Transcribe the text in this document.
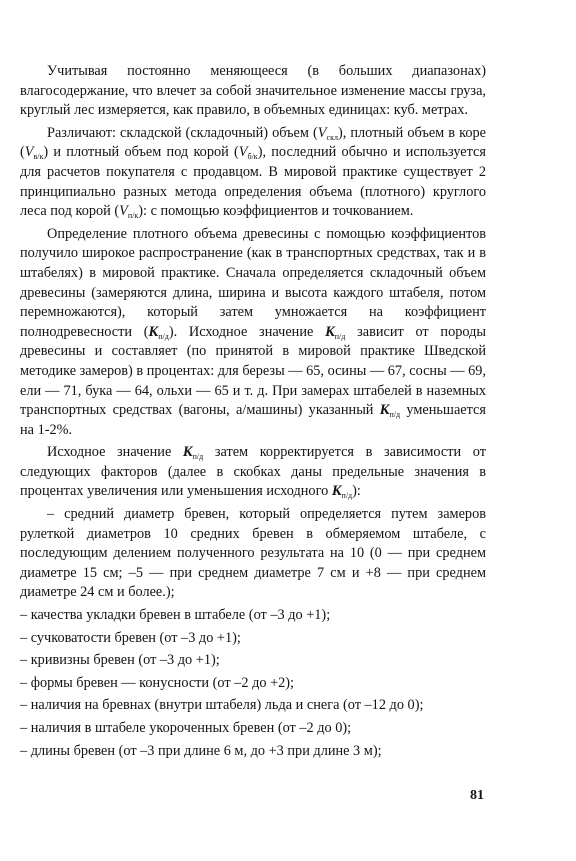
Учитывая постоянно меняющееся (в больших диапазонах) влагосодержание, что влечет за собой значительное изменение массы груза, круглый лес измеряется, как правило, в объемных единицах: куб. метрах.

Различают: складской (складочный) объем $(V_{скл})$, плотный объем в коре $(V_{в/к})$ и плотный объем под корой $(V_{б/к})$, последний обычно и используется для расчетов покупателя с продавцом. В мировой практике существует 2 принципиально разных метода определения объема (плотного) круглого леса под корой $(V_{п/к})$: с помощью коэффициентов и точкованием.

Определение плотного объема древесины с помощью коэффициентов получило широкое распространение (как в транспортных средствах, так и в штабелях) в мировой практике. Сначала определяется складочный объем древесины (замеряются длина, ширина и высота каждого штабеля, потом перемножаются), который затем умножается на коэффициент полнодревесности $(К_{п/д})$. Исходное значение $К_{п/д}$ зависит от породы древесины и составляет (по принятой в мировой практике Шведской методике замеров) в процентах: для березы — 65, осины — 67, сосны — 69, ели — 71, бука — 64, ольхи — 65 и т. д. При замерах штабелей в наземных транспортных средствах (вагоны, а/машины) указанный $К_{п/д}$ уменьшается на 1-2%.

Исходное значение $К_{п/д}$ затем корректируется в зависимости от следующих факторов (далее в скобках даны предельные значения в процентах увеличения или уменьшения исходного $К_{п/д}$):

– средний диаметр бревен, который определяется путем замеров рулеткой диаметров 10 средних бревен в обмеряемом штабеле, с последующим делением полученного результата на 10 (0 — при среднем диаметре 15 см; –5 — при среднем диаметре 7 см и +8 — при среднем диаметре 24 см и более.);

– качества укладки бревен в штабеле (от –3 до +1);

– сучковатости бревен (от –3 до +1);

– кривизны бревен (от –3 до +1);

– формы бревен — конусности (от –2 до +2);

– наличия на бревнах (внутри штабеля) льда и снега (от –12 до 0);

– наличия в штабеле укороченных бревен (от –2 до 0);

– длины бревен (от –3 при длине 6 м, до +3 при длине 3 м);

81
